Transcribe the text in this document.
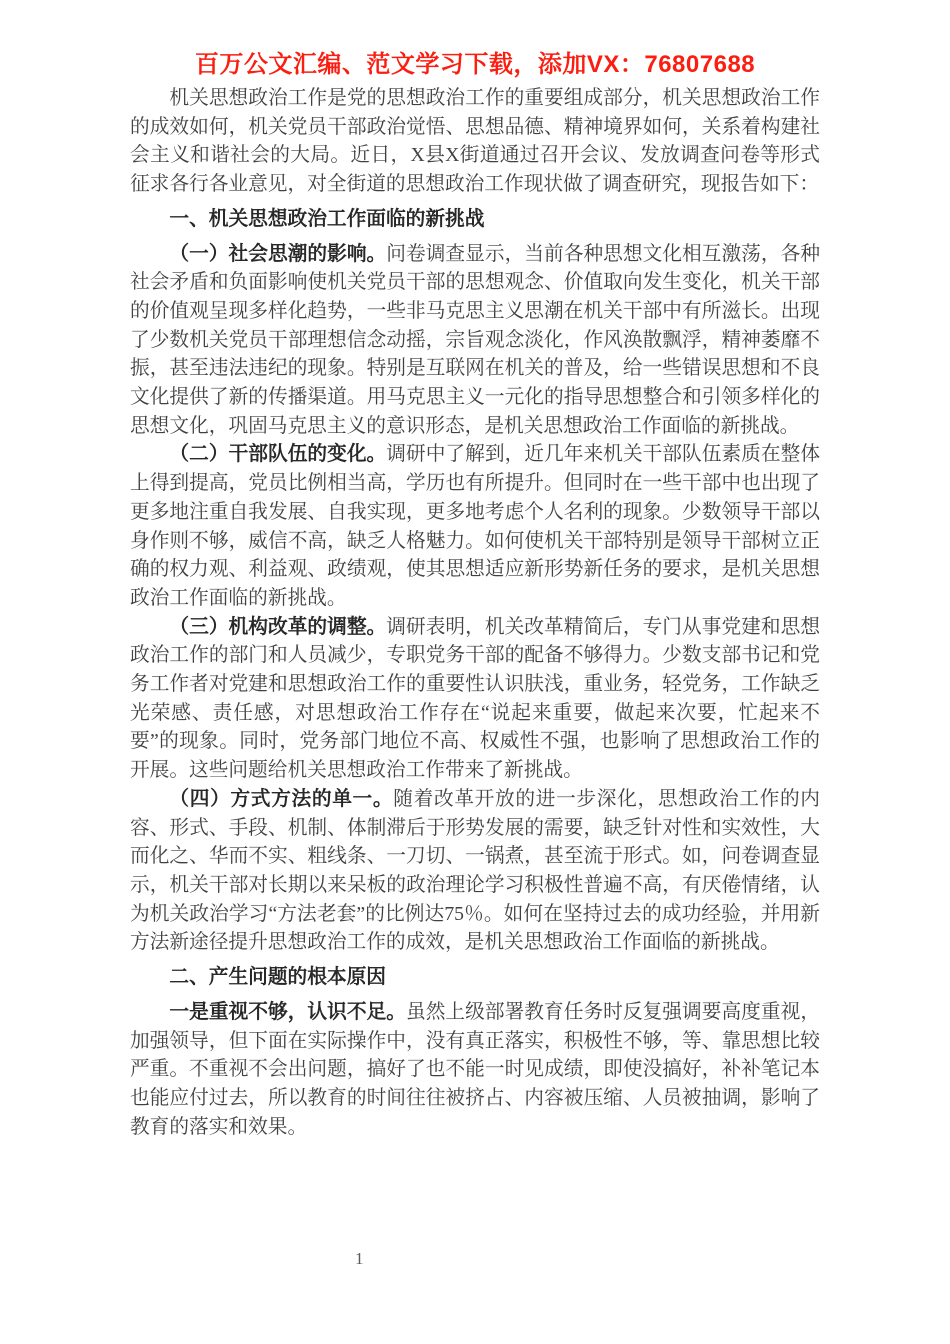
百万公文汇编、范文学习下载，添加VX：76807688

机关思想政治工作是党的思想政治工作的重要组成部分，机关思想政治工作的成效如何，机关党员干部政治觉悟、思想品德、精神境界如何，关系着构建社会主义和谐社会的大局。近日，X县X街道通过召开会议、发放调查问卷等形式征求各行各业意见，对全街道的思想政治工作现状做了调查研究，现报告如下：

一、机关思想政治工作面临的新挑战

（一）社会思潮的影响。问卷调查显示，当前各种思想文化相互激荡，各种社会矛盾和负面影响使机关党员干部的思想观念、价值取向发生变化，机关干部的价值观呈现多样化趋势，一些非马克思主义思潮在机关干部中有所滋长。出现了少数机关党员干部理想信念动摇，宗旨观念淡化，作风涣散飘浮，精神萎靡不振，甚至违法违纪的现象。特别是互联网在机关的普及，给一些错误思想和不良文化提供了新的传播渠道。用马克思主义一元化的指导思想整合和引领多样化的思想文化，巩固马克思主义的意识形态，是机关思想政治工作面临的新挑战。

（二）干部队伍的变化。调研中了解到，近几年来机关干部队伍素质在整体上得到提高，党员比例相当高，学历也有所提升。但同时在一些干部中也出现了更多地注重自我发展、自我实现，更多地考虑个人名利的现象。少数领导干部以身作则不够，威信不高，缺乏人格魅力。如何使机关干部特别是领导干部树立正确的权力观、利益观、政绩观，使其思想适应新形势新任务的要求，是机关思想政治工作面临的新挑战。

（三）机构改革的调整。调研表明，机关改革精简后，专门从事党建和思想政治工作的部门和人员减少，专职党务干部的配备不够得力。少数支部书记和党务工作者对党建和思想政治工作的重要性认识肤浅，重业务，轻党务，工作缺乏光荣感、责任感，对思想政治工作存在“说起来重要，做起来次要，忙起来不要”的现象。同时，党务部门地位不高、权威性不强，也影响了思想政治工作的开展。这些问题给机关思想政治工作带来了新挑战。

（四）方式方法的单一。随着改革开放的进一步深化，思想政治工作的内容、形式、手段、机制、体制滞后于形势发展的需要，缺乏针对性和实效性，大而化之、华而不实、粗线条、一刀切、一锅煮，甚至流于形式。如，问卷调查显示，机关干部对长期以来呆板的政治理论学习积极性普遍不高，有厌倦情绪，认为机关政治学习“方法老套”的比例达75％。如何在坚持过去的成功经验，并用新方法新途径提升思想政治工作的成效，是机关思想政治工作面临的新挑战。

二、产生问题的根本原因

一是重视不够，认识不足。虽然上级部署教育任务时反复强调要高度重视，加强领导，但下面在实际操作中，没有真正落实，积极性不够，等、靠思想比较严重。不重视不会出问题，搞好了也不能一时见成绩，即使没搞好，补补笔记本也能应付过去，所以教育的时间往往被挤占、内容被压缩、人员被抽调，影响了教育的落实和效果。

1
